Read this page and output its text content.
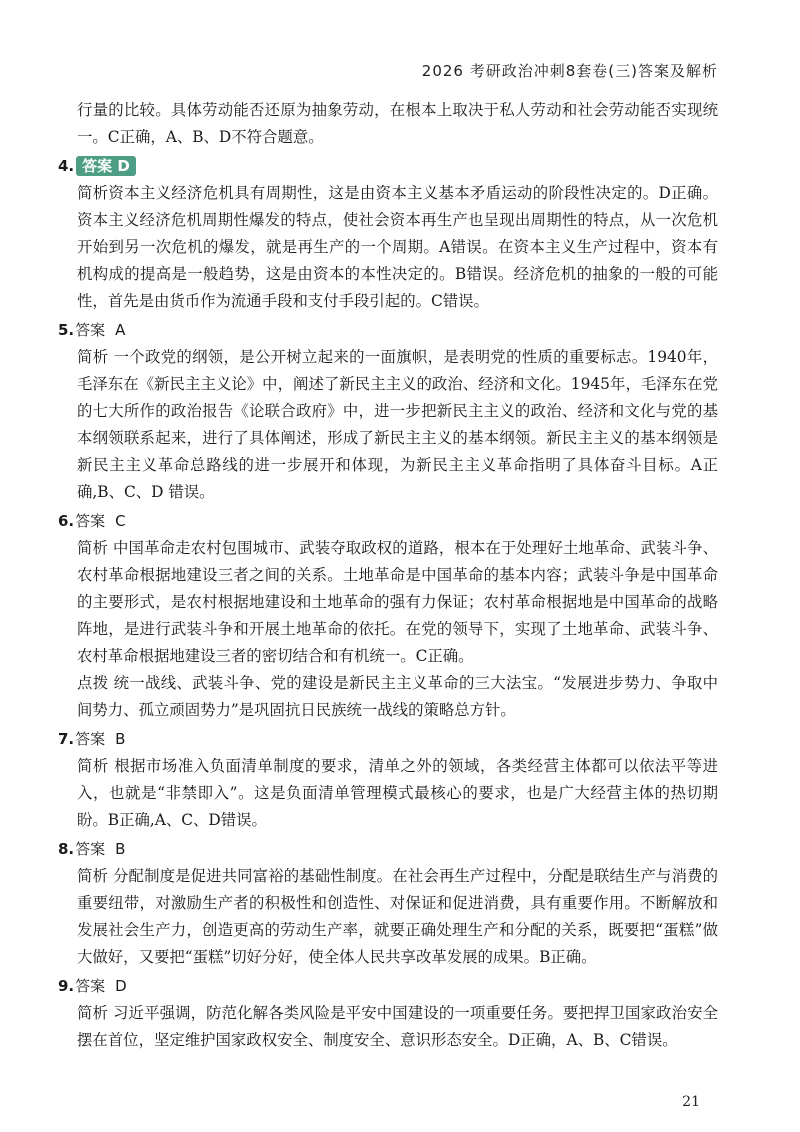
2026 考研政治冲刺8套卷(三)答案及解析
行量的比较。具体劳动能否还原为抽象劳动，在根本上取决于私人劳动和社会劳动能否实现统一。C正确，A、B、D不符合题意。
4. 答案 D
简析资本主义经济危机具有周期性，这是由资本主义基本矛盾运动的阶段性决定的。D正确。资本主义经济危机周期性爆发的特点，使社会资本再生产也呈现出周期性的特点，从一次危机开始到另一次危机的爆发，就是再生产的一个周期。A错误。在资本主义生产过程中，资本有机构成的提高是一般趋势，这是由资本的本性决定的。B错误。经济危机的抽象的一般的可能性，首先是由货币作为流通手段和支付手段引起的。C错误。
5.答案 A
简析 一个政党的纲领，是公开树立起来的一面旗帜，是表明党的性质的重要标志。1940年，毛泽东在《新民主主义论》中，阐述了新民主主义的政治、经济和文化。1945年，毛泽东在党的七大所作的政治报告《论联合政府》中，进一步把新民主主义的政治、经济和文化与党的基本纲领联系起来，进行了具体阐述，形成了新民主主义的基本纲领。新民主主义的基本纲领是新民主主义革命总路线的进一步展开和体现，为新民主主义革命指明了具体奋斗目标。A正确,B、C、D 错误。
6.答案 C
简析 中国革命走农村包围城市、武装夺取政权的道路，根本在于处理好土地革命、武装斗争、农村革命根据地建设三者之间的关系。土地革命是中国革命的基本内容；武装斗争是中国革命的主要形式，是农村根据地建设和土地革命的强有力保证；农村革命根据地是中国革命的战略阵地，是进行武装斗争和开展土地革命的依托。在党的领导下，实现了土地革命、武装斗争、农村革命根据地建设三者的密切结合和有机统一。C正确。
点拨 统一战线、武装斗争、党的建设是新民主主义革命的三大法宝。“发展进步势力、争取中间势力、孤立顽固势力”是巩固抗日民族统一战线的策略总方针。
7.答案 B
简析 根据市场准入负面清单制度的要求，清单之外的领域，各类经营主体都可以依法平等进入，也就是“非禁即入”。这是负面清单管理模式最核心的要求，也是广大经营主体的热切期盼。B正确,A、C、D错误。
8.答案 B
简析 分配制度是促进共同富裕的基础性制度。在社会再生产过程中，分配是联结生产与消费的重要纽带，对激励生产者的积极性和创造性、对保证和促进消费，具有重要作用。不断解放和发展社会生产力，创造更高的劳动生产率，就要正确处理生产和分配的关系，既要把“蛋糕”做大做好，又要把“蛋糕”切好分好，使全体人民共享改革发展的成果。B正确。
9.答案 D
简析 习近平强调，防范化解各类风险是平安中国建设的一项重要任务。要把捍卫国家政治安全摆在首位，坚定维护国家政权安全、制度安全、意识形态安全。D正确，A、B、C错误。
21
